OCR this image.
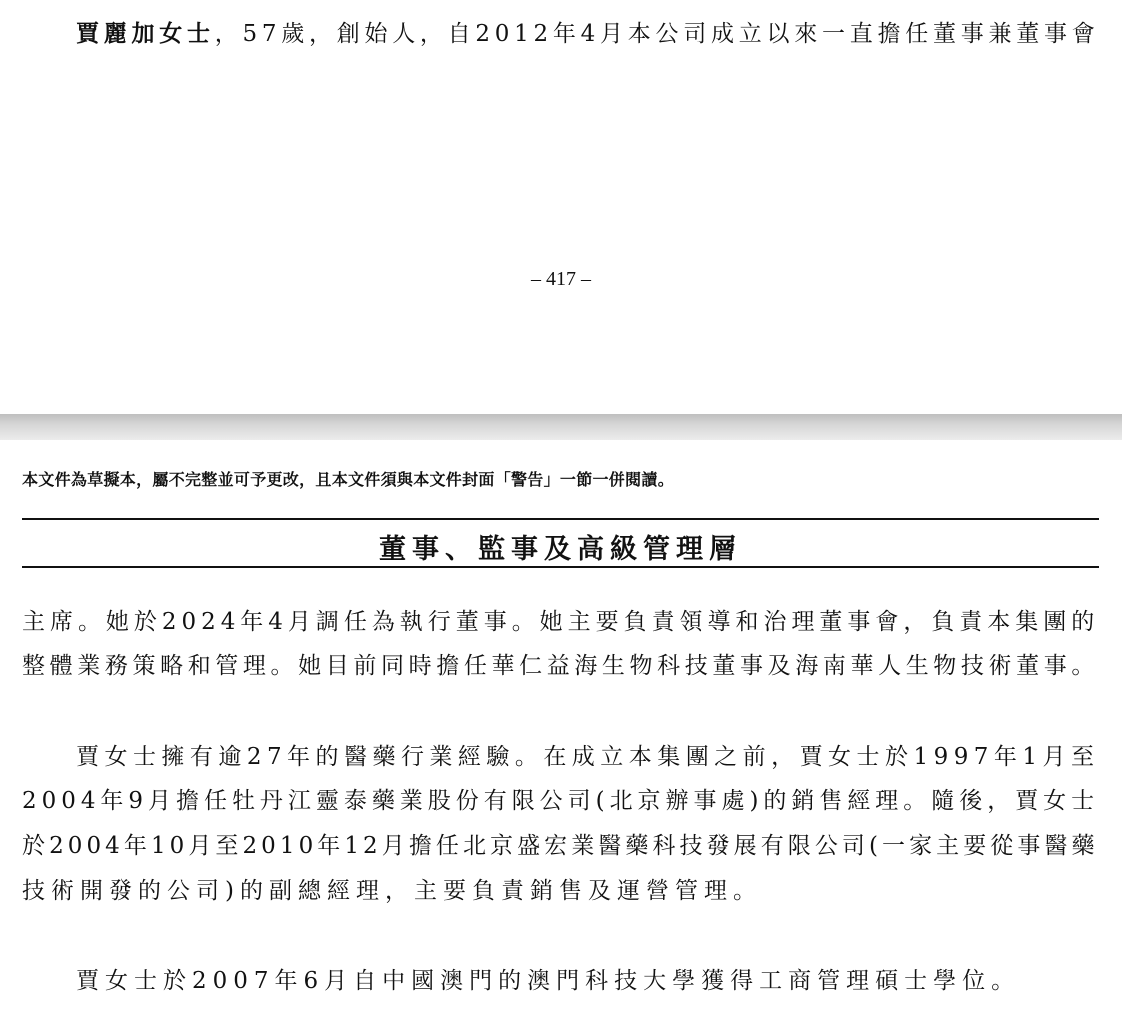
賈麗加女士，57歲，創始人，自2012年4月本公司成立以來一直擔任董事兼董事會

– 417 –
本文件為草擬本，屬不完整並可予更改，且本文件須與本文件封面「警告」一節一併閱讀。
董事、監事及高級管理層

主席。她於2024年4月調任為執行董事。她主要負責領導和治理董事會，負責本集團的

整體業務策略和管理。她目前同時擔任華仁益海生物科技董事及海南華人生物技術董事。

賈女士擁有逾27年的醫藥行業經驗。在成立本集團之前，賈女士於1997年1月至

2004年9月擔任牡丹江靈泰藥業股份有限公司(北京辦事處)的銷售經理。隨後，賈女士

於2004年10月至2010年12月擔任北京盛宏業醫藥科技發展有限公司(一家主要從事醫藥

技術開發的公司)的副總經理，主要負責銷售及運營管理。

賈女士於2007年6月自中國澳門的澳門科技大學獲得工商管理碩士學位。
